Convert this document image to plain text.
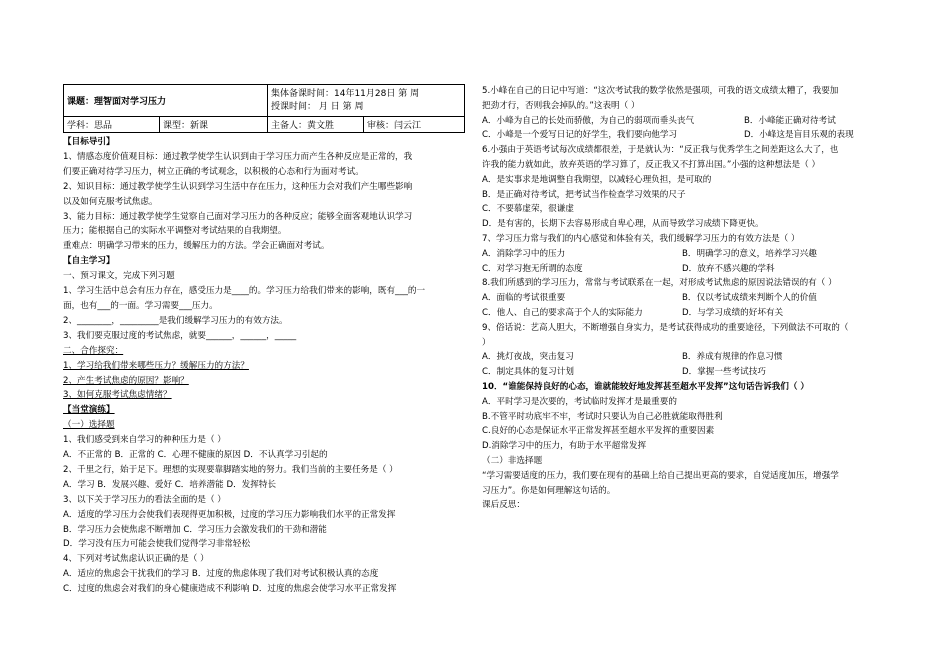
课题：理智面对学习压力		集体备课时间：14年11月28日 第 周
授课时间： 月 日 第 周	

学科：思品	课型：新课	主备人：黄文胜	审核：闫云江
【目标导引】
1、情感态度价值观目标：通过教学使学生认识到由于学习压力而产生各种反应是正常的，我
们要正确对待学习压力，树立正确的考试观念，以积极的心态和行为面对考试。
2、知识目标：通过教学使学生认识到学习生活中存在压力，这种压力会对我们产生哪些影响
以及如何克服考试焦虑。
3、能力目标：通过教学使学生觉察自己面对学习压力的各种反应；能够全面客观地认识学习
压力；能根据自己的实际水平调整对考试结果的自我期望。
重难点：明确学习带来的压力，缓解压力的方法。学会正确面对考试。
【自主学习】
一、预习课文，完成下列习题
1、学习生活中总会有压力存在，感受压力是____的。学习压力给我们带来的影响，既有___的一
面，也有___的一面。学习需要___压力。
2、________，_________是我们缓解学习压力的有效方法。
3、我们要克服过度的考试焦虑，就要______，______，_____
二、合作探究：
1、学习给我们带来哪些压力？缓解压力的方法？
2、产生考试焦虑的原因？影响？
3、如何克服考试焦虑情绪？
【当堂演练】
（一）选择题
1、我们感受到来自学习的种种压力是（ ）
A．不正常的 B．正常的 C．心理不健康的原因 D．不认真学习引起的
2、千里之行，始于足下。理想的实现要靠脚踏实地的努力。我们当前的主要任务是（ ）
A．学习 B．发展兴趣、爱好 C．培养潜能 D．发挥特长
3、以下关于学习压力的看法全面的是（ ）
A．适度的学习压力会使我们表现得更加积极，过度的学习压力影响我们水平的正常发挥
B．学习压力会使焦虑不断增加 C．学习压力会激发我们的干劲和潜能
D．学习没有压力可能会使我们觉得学习非常轻松
4、下列对考试焦虑认识正确的是（ ）
A．适应的焦虑会干扰我们的学习 B．过度的焦虑体现了我们对考试积极认真的态度
C．过度的焦虑会对我们的身心健康造成不利影响 D．过度的焦虑会使学习水平正常发挥
5.小峰在自己的日记中写道：“这次考试我的数学依然是强项，可我的语文成绩太糟了，我要加
把劲才行，否则我会掉队的。”这表明（ ）
A．小峰为自己的长处而骄傲，为自己的弱项而垂头丧气	B．小峰能正确对待考试
C．小峰是一个爱写日记的好学生，我们要向他学习	D．小峰这是盲目乐观的表现
6.小强由于英语考试每次成绩都很差，于是就认为：“反正我与优秀学生之间差距这么大了，也
许我的能力就如此，放弃英语的学习算了，反正我又不打算出国。”小强的这种想法是（ ）
A．是实事求是地调整自我期望，以减轻心理负担，是可取的
B．是正确对待考试，把考试当作检查学习效果的尺子
C．不要慕虚荣，很谦虚
D．是有害的，长期下去容易形成自卑心理，从而导致学习成绩下降更快。
7、学习压力常与我们的内心感觉和体验有关，我们缓解学习压力的有效方法是（ ）
A．消除学习中的压力	B．明确学习的意义，培养学习兴趣
C．对学习抱无所谓的态度	D．放弃不感兴趣的学科
8.我们所感到的学习压力，常常与考试联系在一起，对形成考试焦虑的原因说法错误的有（ ）
A．面临的考试很重要	B．仅以考试成绩来判断个人的价值
C．他人、自己的要求高于个人的实际能力	D．与学习成绩的好坏有关
9、俗话说：艺高人胆大，不断增强自身实力，是考试获得成功的重要途径，下列做法不可取的（
）
A．挑灯夜战，突击复习	B．养成有规律的作息习惯
C．制定具体的复习计划	D．掌握一些考试技巧
10．“谁能保持良好的心态，谁就能较好地发挥甚至超水平发挥”这句话告诉我们（ ）
A．平时学习是次要的，考试临时发挥才是最重要的
B.不管平时功底牢不牢，考试时只要认为自己必胜就能取得胜利
C.良好的心态是保证水平正常发挥甚至超水平发挥的重要因素
D.消除学习中的压力，有助于水平超常发挥
（二）非选择题
“学习需要适度的压力，我们要在现有的基础上给自己提出更高的要求，自觉适度加压，增强学
习压力”。你是如何理解这句话的。
课后反思：
